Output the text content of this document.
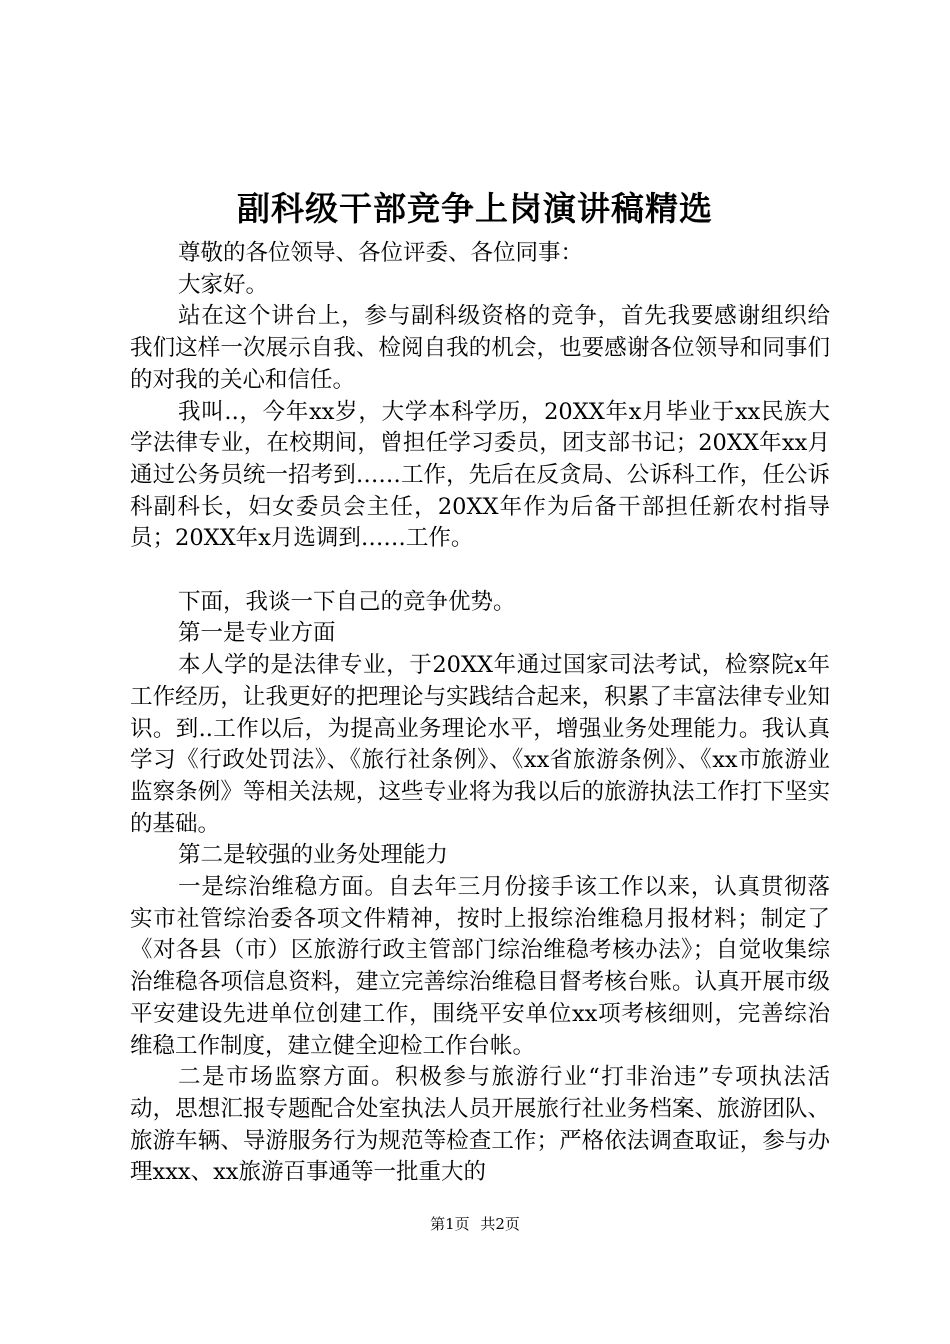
副科级干部竞争上岗演讲稿精选

尊敬的各位领导、各位评委、各位同事：

大家好。

站在这个讲台上，参与副科级资格的竞争，首先我要感谢组织给我们这样一次展示自我、检阅自我的机会，也要感谢各位领导和同事们的对我的关心和信任。

我叫..，今年xx岁，大学本科学历，20XX年x月毕业于xx民族大学法律专业，在校期间，曾担任学习委员，团支部书记；20XX年xx月通过公务员统一招考到……工作，先后在反贪局、公诉科工作，任公诉科副科长，妇女委员会主任，20XX年作为后备干部担任新农村指导员；20XX年x月选调到……工作。

下面，我谈一下自己的竞争优势。

第一是专业方面

本人学的是法律专业，于20XX年通过国家司法考试，检察院x年工作经历，让我更好的把理论与实践结合起来，积累了丰富法律专业知识。到..工作以后，为提高业务理论水平，增强业务处理能力。我认真学习《行政处罚法》、《旅行社条例》、《xx省旅游条例》、《xx市旅游业监察条例》等相关法规，这些专业将为我以后的旅游执法工作打下坚实的基础。

第二是较强的业务处理能力

一是综治维稳方面。自去年三月份接手该工作以来，认真贯彻落实市社管综治委各项文件精神，按时上报综治维稳月报材料；制定了《对各县（市）区旅游行政主管部门综治维稳考核办法》；自觉收集综治维稳各项信息资料，建立完善综治维稳目督考核台账。认真开展市级平安建设先进单位创建工作，围绕平安单位xx项考核细则，完善综治维稳工作制度，建立健全迎检工作台帐。

二是市场监察方面。积极参与旅游行业“打非治违”专项执法活动，思想汇报专题配合处室执法人员开展旅行社业务档案、旅游团队、旅游车辆、导游服务行为规范等检查工作；严格依法调查取证，参与办理xxx、xx旅游百事通等一批重大的

第1页 共2页
